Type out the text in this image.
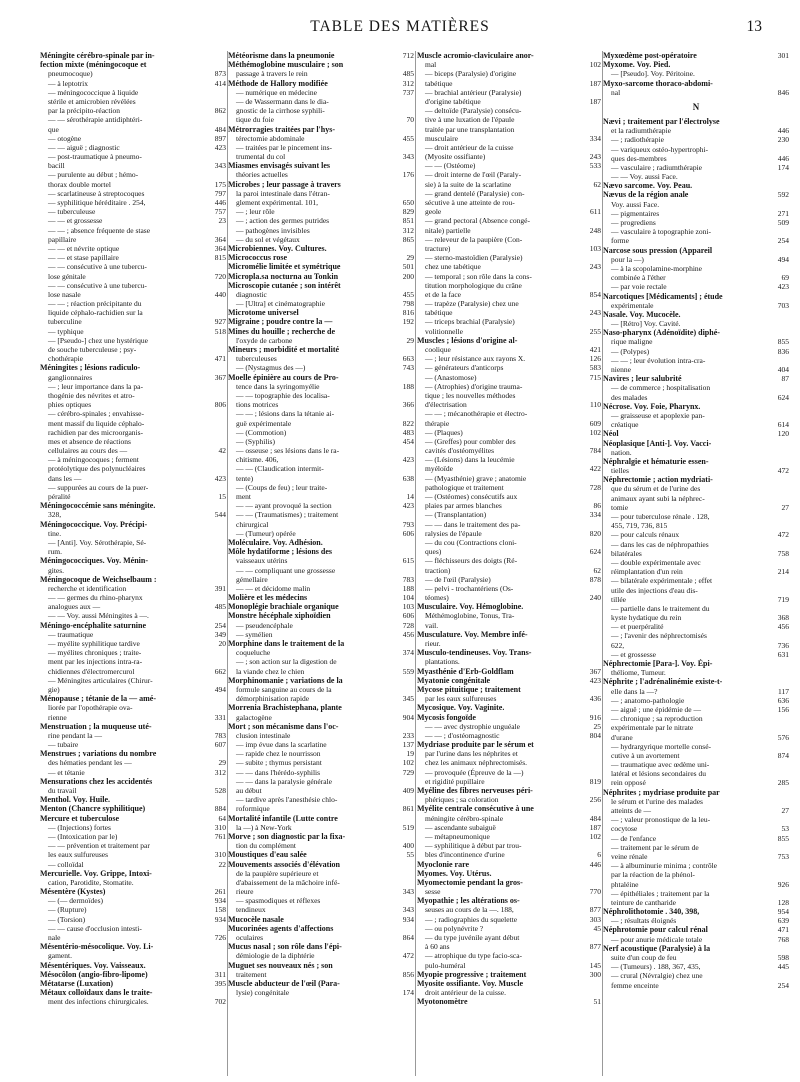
TABLE DES MATIÈRES	13
Méningite cérébro-spinale par in-
fection mixte (méningocoque et
pneumocoque)	873
— à leptotrix	414
— méningococcique à liquide
stérile et amicrobien révélées
par la précipito-réaction	862
— — sérothérapie antidiphtéri-
que	484
— otogène	897
— — aiguë ; diagnostic	423
— post-traumatique à pneumo-
bacill	343
— purulente au début ; hémo-
thorax double mortel	175
— scarlatineuse à streptocoques	797
— syphilitique héréditaire . 254,	446
— tuberculeuse	757
— — et grossesse	23
— — ; absence fréquente de stase
papillaire	364
— — et névrite optique	364
— — et stase papillaire	815
— — consécutive à une tubercu-
lose génitale	720
— — consécutive à une tubercu-
lose nasale	440
— — ; réaction précipitante du
liquide céphalo-rachidien sur la
tuberculine	927
— typhique	518
— [Pseudo-] chez une hystérique
de souche tuberculeuse ; psy-
chothérapie	471
Méningites ; lésions radiculo-
ganglionnaires	367
— ; leur importance dans la pa-
thogénie des névrites et atro-
phies optiques	806
— cérébro-spinales ; envahisse-
ment massif du liquide céphalo-
rachidien par des microorganis-
mes et absence de réactions
cellulaires au cours des —	42
— à méningocoques ; ferment
protéolytique des polynucléaires
dans les —	423
— suppurées au cours de la puer-
péralité	15
Méningococcémie sans méningite.
328,	544
Méningococcique. Voy. Précipi-
tine.
— [Anti]. Voy. Sérothérapie, Sé-
rum.
Méningococciques. Voy. Ménin-
gites.
Méningocoque de Weichselbaum :
recherche et identification	391
— — germes du rhino-pharynx
analogues aux —	485
— — Voy. aussi Méningites à —.
Méningo-encéphalite saturnine	254
— traumatique	349
— myélite syphilitique tardive	20
— myélites chroniques ; traite-
ment par les injections intra-ra-
chidiennes d'électromercurol	662
— Méningites articulaires (Chirur-
gie)	494
Ménopause ; tétanie de la — amé-
liorée par l'opothérapie ova-
rienne	331
Menstruation ; la muqueuse uté-
rine pendant la —	783
— tubaire	607
Menstrues ; variations du nombre
des hématies pendant les —	29
— et tétanie	312
Mensurations chez les accidentés
du travail	528
Menthol. Voy. Huile.
Menton (Chancre syphilitique)	884
Mercure et tuberculose	64
— (Injections) fortes	310
— (Intoxication par le)	761
— — prévention et traitement par
les eaux sulfureuses	310
— colloïdal	22
Mercurielle. Voy. Grippe, Intoxi-
cation, Parotidite, Stomatite.
Mésentère (Kystes)	261
— (— dermoïdes)	934
— (Rupture)	158
— (Torsion)	934
— — cause d'occlusion intesti-
nale	726
Mésentério-mésocolique. Voy. Li-
gament.
Mésentériques. Voy. Vaisseaux.
Mésocôlon (angio-fibro-lipome)	311
Métatarse (Luxation)	395
Métaux colloïdaux dans le traite-
ment des infections chirurgicales.	702
Météorisme dans la pneumonie	712
Méthémoglobine musculaire ; son
passage à travers le rein	485
Méthode de Hallory modifiée	312
— numérique en médecine	737
— de Wassermann dans le dia-
gnostic de la cirrhose syphili-
tique du foie	70
Métrorragies traitées par l'hys-
térectomie abdominale	455
— traitées par le pincement ins-
trumental du col	343
Miasmes envisagés suivant les
théories actuelles	176
Microbes ; leur passage à travers
la paroi intestinale dans l'étran-
glement expérimental. 101,	650
— ; leur rôle	829
— ; action des germes putrides	851
— pathogènes invisibles	312
— du sol et végétaux	865
Microbiennes. Voy. Cultures.
Micrococcus rose	29
Micromélie limitée et symétrique	501
Micropla.sa nocturna au Tonkin	200
Microscopie cutanée ; son intérêt
diagnostic	455
— [Ultra] et cinématographie	798
Microtome universel	816
Migraine ; poudre contre la —	192
Mines du houille ; recherche de
l'oxyde de carbone	29
Mineurs ; morbidité et mortalité
tuberculeuses	663
— (Nystagmus des —)	743
Moelle épinière au cours de Pro-
tence dans la syringomyélie	188
— — topographie des localisa-
tions motrices	366
— — ; lésions dans la tétanie ai-
guë expérimentale	822
— (Commotion)	483
— (Syphilis)	454
— osseuse ; ses lésions dans le ra-
chitisme. 406,	423
— — (Claudication intermit-
tente)	638
— (Coups de feu) ; leur traite-
ment	14
— — ayant provoqué la section	423
— — (Traumatismes) ; traitement
chirurgical	793
— (Tumeur) opérée	606
Moléculaire. Voy. Adhésion.
Môle hydatiforme ; lésions des
vaisseaux utérins	615
— — compliquant une grossesse
gémellaire	783
— — et décidome malin	188
Molière et les médecins	104
Monoplégie brachiale organique	103
Monstre hécéphale xiphoïdien	606
— pseudencéphale	728
— symélien	456
Morphine dans le traitement de la
coqueluche	374
— ; son action sur la digestion de
la viande chez le chien	559
Morphinomanie ; variations de la
formule sanguine au cours de la
démorphinisation rapide	345
Morrenia Brachistephana, plante
galactogène	904
Mort ; son mécanisme dans l'oc-
clusion intestinale	233
— imp évue dans la scarlatine	137
— rapide chez le nourrisson	19
— subite ; thymus persistant	102
— — dans l'hérédo-syphilis	729
— — dans la paralysie générale
au début	409
— tardive après l'anesthésie chlo-
roformique	861
Mortalité infantile (Lutte contre
la —) à New-York	519
Morve ; son diagnostic par la fixa-
tion du complément	400
Moustiques d'eau salée	55
Mouvements associés d'élévation
de la paupière supérieure et
d'abaissement de la mâchoire infé-
rieure	343
— spasmodiques et réflexes
tendineux	343
Mucocèle nasale	934
Mucorinées agents d'affections
oculaires	864
Mucus nasal ; son rôle dans l'épi-
démiologie de la diphtérie	472
Muguet ses nouveaux nés ; son
traitement	856
Muscle abducteur de l'œil (Para-
lysie) congénitale	174
Muscle acromio-claviculaire anor-
mal	102
— biceps (Paralysie) d'origine
tabétique	187
— brachial antérieur (Paralysie)
d'origine tabétique	187
— deltoïde (Paralysie) consécu-
tive à une luxation de l'épaule
traitée par une transplantation
musculaire	334
— droit antérieur de la cuisse
(Myosite ossifiante)	243
— — (Ostéome)	533
— droit interne de l'œil (Paraly-
sie) à la suite de la scarlatine	62
— grand dentelé (Paralysie) con-
sécutive à une atteinte de rou-
geole	611
— grand pectoral (Absence congé-
nitale) partielle	248
— releveur de la paupière (Con-
tracture)	103
— sterno-mastoïdien (Paralysie)
chez une tabétique	243
— temporal ; son rôle dans la cons-
titution morphologique du crâne
et de la face	854
— trapèze (Paralysie) chez une
tabétique	243
— triceps brachial (Paralysie)
volitionnelle	255
Muscles ; lésions d'origine al-
coolique	421
— ; leur résistance aux rayons X.	126
— générateurs d'anticorps	583
— (Anastomose)	715
— (Atrophies) d'origine trauma-
tique ; les nouvelles méthodes
d'électrisation	110
— — ; mécanothérapie et électro-
thérapie	609
— (Plaques)	102
— (Greffes) pour combler des
cavités d'ostéomyélites	784
— (Lésions) dans la leucémie
myéloïde	422
— (Myasthénie) grave ; anatomie
pathologique et traitement	728
— (Ostéomes) consécutifs aux
plaies par armes blanches	86
— (Transplantation)	334
— — dans le traitement des pa-
ralysies de l'épaule	820
— du cou (Contractions cloni-
ques)	624
— fléchisseurs des doigts (Ré-
traction)	62
— de l'œil (Paralysie)	878
— pelvi - trochantériens (Os-
téomes)	240
Musculaire. Voy. Hémoglobine.
Méthémoglobine, Tonus, Tra-
vail.
Musculature. Voy. Membre infé-
rieur.
Musculo-tendineuses. Voy. Trans-
plantations.
Myasthénie d'Erb-Goldflam	367
Myatonie congénitale	423
Mycose pituitique ; traitement
par les eaux sulfureuses	436
Mycosique. Voy. Vaginite.
Mycosis fongoïde	916
— — avec dystrophie unguéale	25
— — ; d'ostéomagnostic	804
Mydriase produite par le sérum et
par l'urine dans les néphrites et
chez les animaux néphrectomisés.
— provoquée (Épreuve de la —)
et rigidité pupillaire	819
Myéline des fibres nerveuses péri-
phériques ; sa coloration	256
Myélite centrale consécutive à une
méningite cérébro-spinale	484
— ascendante subaiguë	187
— métapneumonique	102
— syphilitique à début par trou-
bles d'incontinence d'urine	6
Myoclonie rare	446
Myomes. Voy. Utérus.
Myomectomie pendant la gros-
sesse	770
Myopathie ; les altérations os-
seuses au cours de la —. 188,	877
— ; radiographies du squelette	303
— ou polynévrite ?	45
— du type juvénile ayant début
à 60 ans	877
— atrophique du type facio-sca-
pulo-huméral	145
Myopie progressive ; traitement	300
Myosite ossifiante. Voy. Muscle
droit antérieur de la cuisse.
Myotonomètre	51
Myxœdème post-opératoire	301
Myxome. Voy. Pied.
— [Pseudo]. Voy. Péritoine.
Myxo-sarcome thoraco-abdomi-
nal	846
N
Nævi ; traitement par l'électrolyse
et la radiumthérapie	446
— ; radiothérapie	230
— variqueux ostéo-hypertrophi-
ques des-membres	446
— vasculaire ; radiumthérapie	174
— — Voy. aussi Face.
Nævo sarcome. Voy. Peau.
Nævus de la région anale	592
Voy. aussi Face.
— pigmentaires	271
— progrediens	509
— vasculaire à topographie zoni-
forme	254
Narcose sous pression (Appareil
pour la —)	494
— à la scopolamine-morphine
combinée à l'éther	69
— par voie rectale	423
Narcotiques [Médicaments] ; étude
expérimentale	703
Nasale. Voy. Mucocèle.
— [Rétro] Voy. Cavité.
Naso-pharynx (Adénoïdite) diphé-
rique maligne	855
— (Polypes)	836
— — ; leur évolution intra-cra-
nienne	404
Navires ; leur salubrité	87
— de commerce ; hospitalisation
des malades	624
Nécrose. Voy. Foie, Pharynx.
— graisseuse et apoplexie pan-
créatique	614
Néol	120
Néoplasique [Anti-]. Voy. Vacci-
nation.
Néphralgie et hématurie essen-
tielles	472
Néphrectomie ; action mydriati-
que du sérum et de l'urine des
animaux ayant subi la néphrec-
tomie	27
— pour tuberculose rénale . 128,
455, 719, 736, 815
— pour calculs rénaux	472
— dans les cas de néphropathies
bilatérales	758
— double expérimentale avec
réimplantation d'un rein	214
— bilatérale expérimentale ; effet
utile des injections d'eau dis-
tillée	719
— partielle dans le traitement du
kyste hydatique du rein	368
— et puerpéralité	456
— ; l'avenir des néphrectomisés
622,	736
— et grossesse	631
Néphrectomie [Para-]. Voy. Épi-
théliome, Tumeur.
Néphrite ; l'adrénalinémie existe-t-
elle dans la —?	117
— ; anatomo-pathologie	636
— aiguë ; une épidémie de —	156
— chronique ; sa reproduction
expérimentale par le nitrate
d'urane	576
— hydrargyrique mortelle consé-
cutive à un avortement	874
— traumatique avec œdème uni-
latéral et lésions secondaires du
rein opposé	285
Néphrites ; mydriase produite par
le sérum et l'urine des malades
atteints de —	27
— ; valeur pronostique de la leu-
cocytose	53
— de l'enfance	855
— traitement par le sérum de
veine rénale	753
— à albuminurie minima ; contrôle
par la réaction de la phénol-
phtaléine	926
— épithéliales ; traitement par la
teinture de cantharide	128
Néphrolithotomie . 340, 398,	954
— ; résultats éloignés	639
Néphrotomie pour calcul rénal	471
— pour anurie médicale totale	768
Nerf acoustique (Paralysie) à la
suite d'un coup de feu	598
— (Tumeurs) . 188, 367, 435,	445
— crural (Névralgie) chez une
femme enceinte	254
